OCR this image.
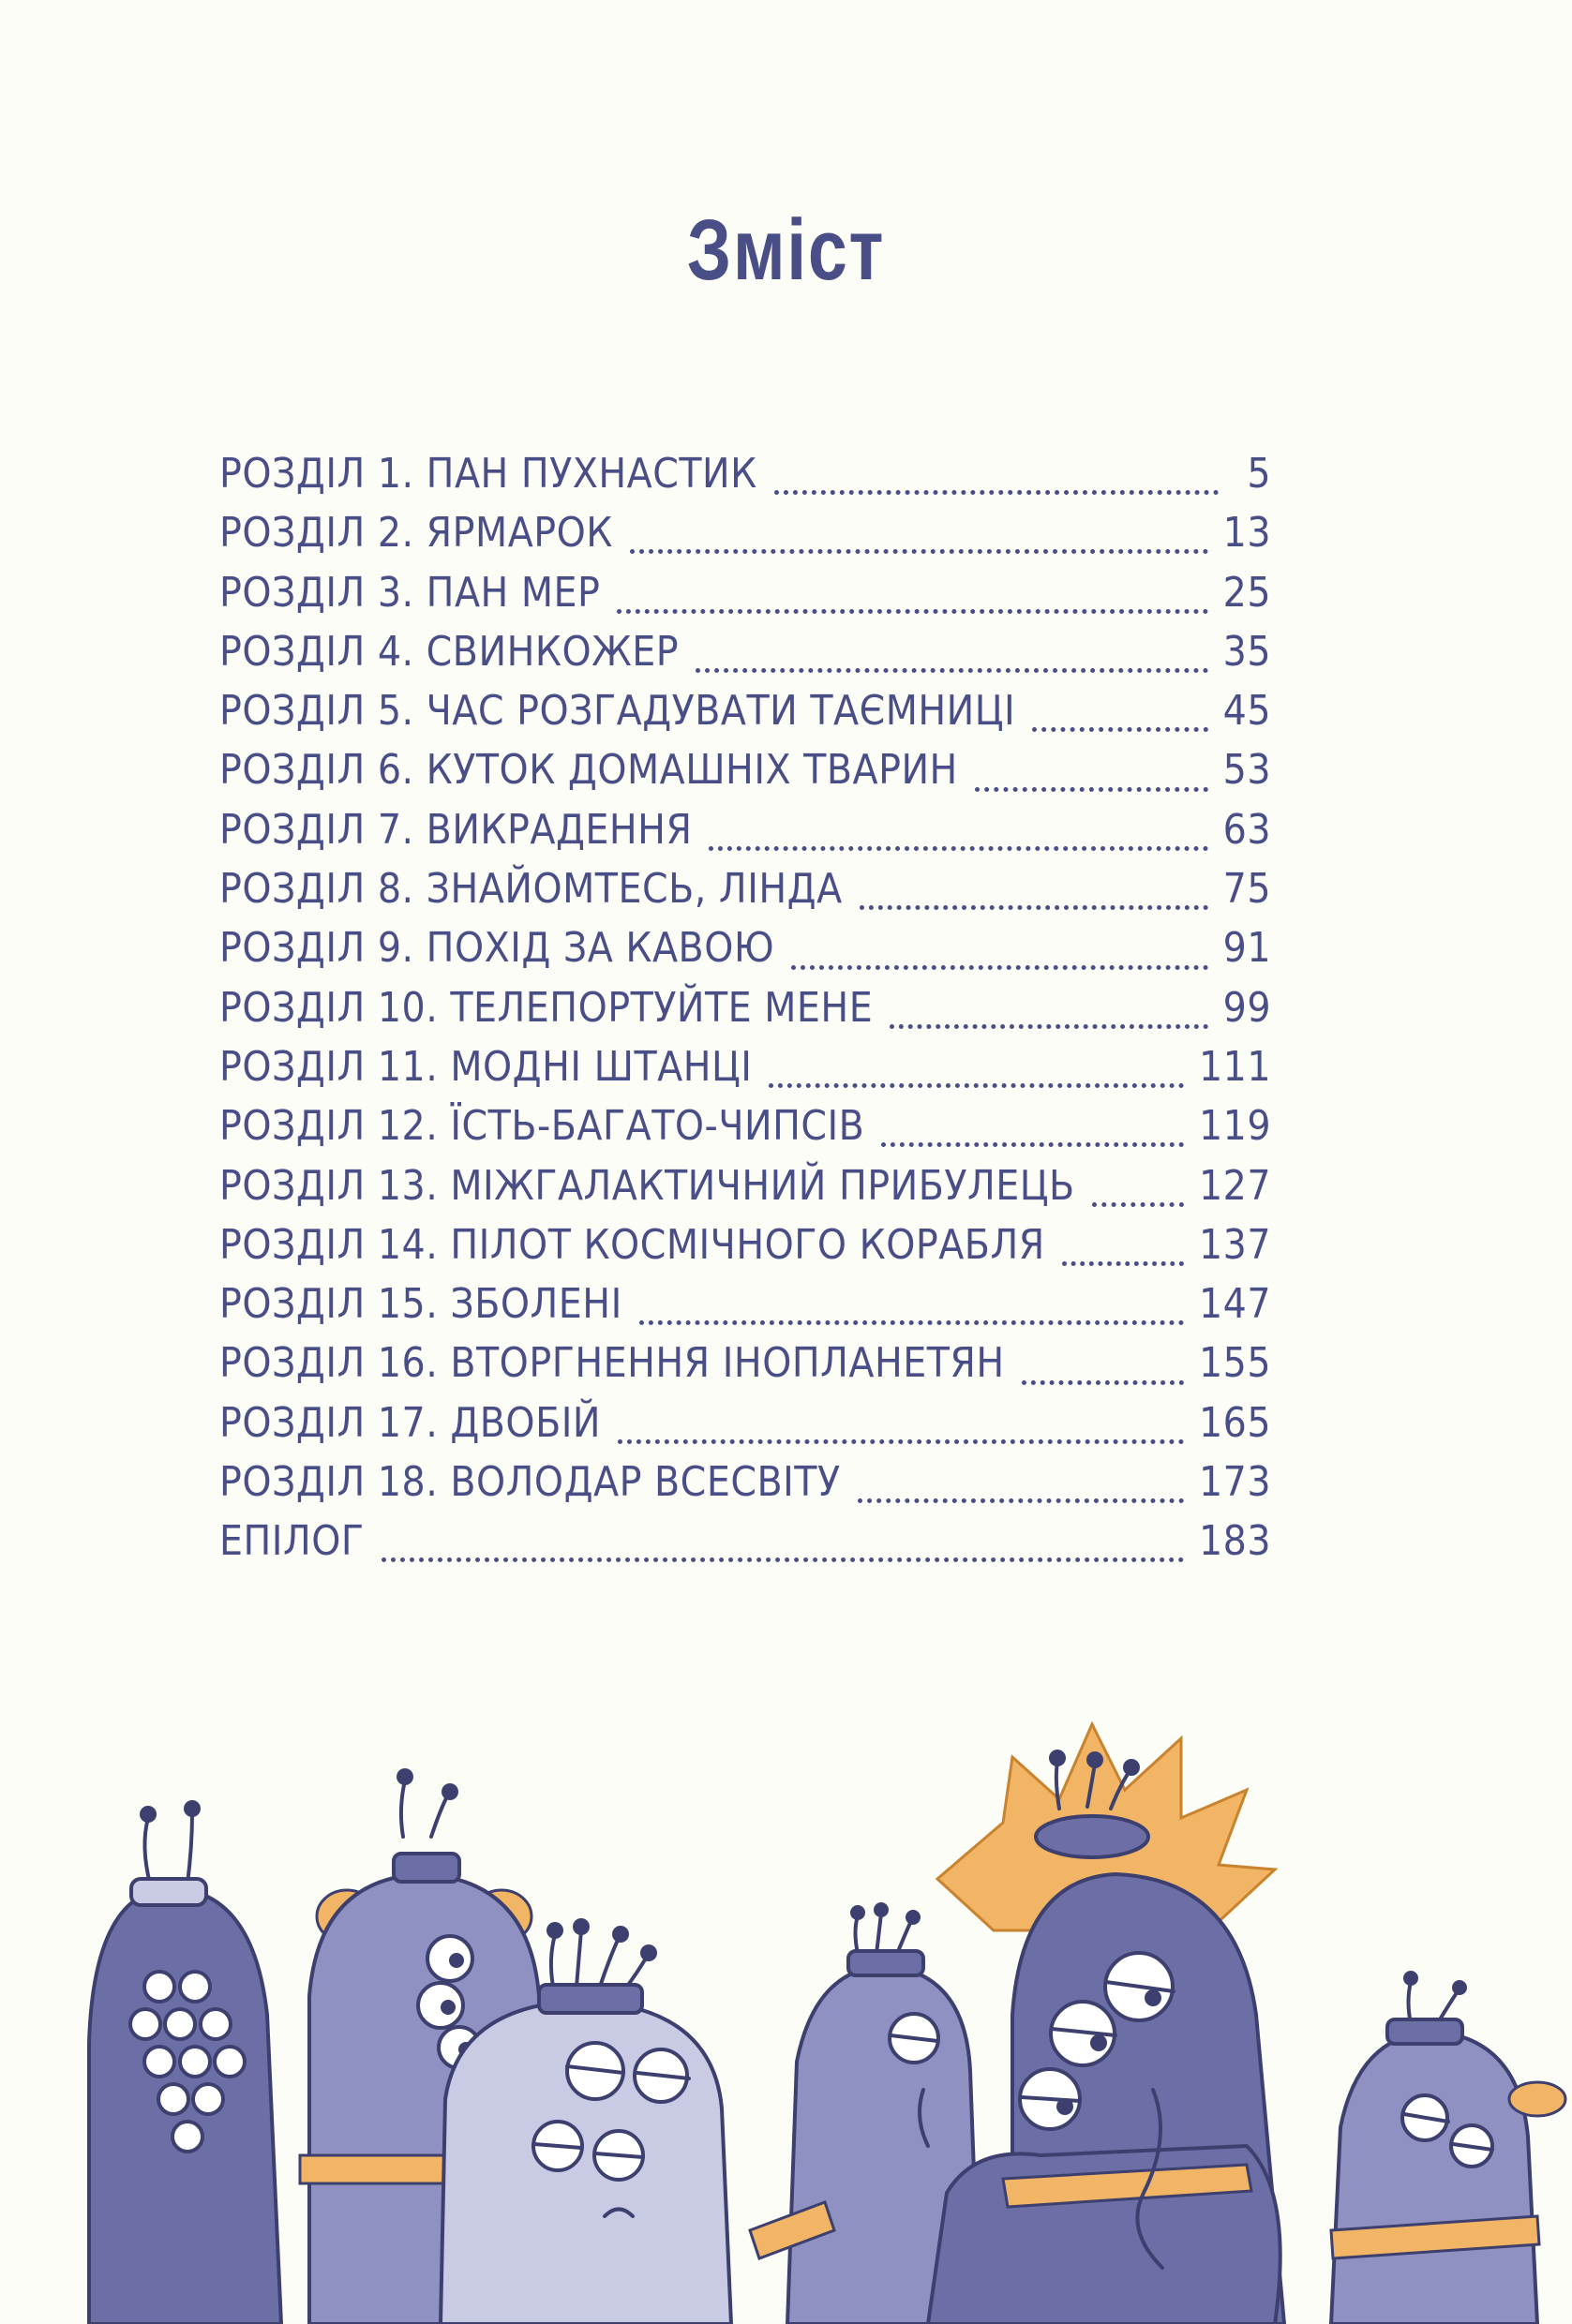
Зміст
РОЗДІЛ 1. ПАН ПУХНАСТИК	5
РОЗДІЛ 2. ЯРМАРОК	13
РОЗДІЛ 3. ПАН МЕР	25
РОЗДІЛ 4. СВИНКОЖЕР	35
РОЗДІЛ 5. ЧАС РОЗГАДУВАТИ ТАЄМНИЦІ	45
РОЗДІЛ 6. КУТОК ДОМАШНІХ ТВАРИН	53
РОЗДІЛ 7. ВИКРАДЕННЯ	63
РОЗДІЛ 8. ЗНАЙОМТЕСЬ, ЛІНДА	75
РОЗДІЛ 9. ПОХІД ЗА КАВОЮ	91
РОЗДІЛ 10. ТЕЛЕПОРТУЙТЕ МЕНЕ	99
РОЗДІЛ 11. МОДНІ ШТАНЦІ	111
РОЗДІЛ 12. ЇСТЬ-БАГАТО-ЧИПСІВ	119
РОЗДІЛ 13. МІЖГАЛАКТИЧНИЙ ПРИБУЛЕЦЬ	127
РОЗДІЛ 14. ПІЛОТ КОСМІЧНОГО КОРАБЛЯ	137
РОЗДІЛ 15. ЗБОЛЕНІ	147
РОЗДІЛ 16. ВТОРГНЕННЯ ІНОПЛАНЕТЯН	155
РОЗДІЛ 17. ДВОБІЙ	165
РОЗДІЛ 18. ВОЛОДАР ВСЕСВІТУ	173
ЕПІЛОГ	183
